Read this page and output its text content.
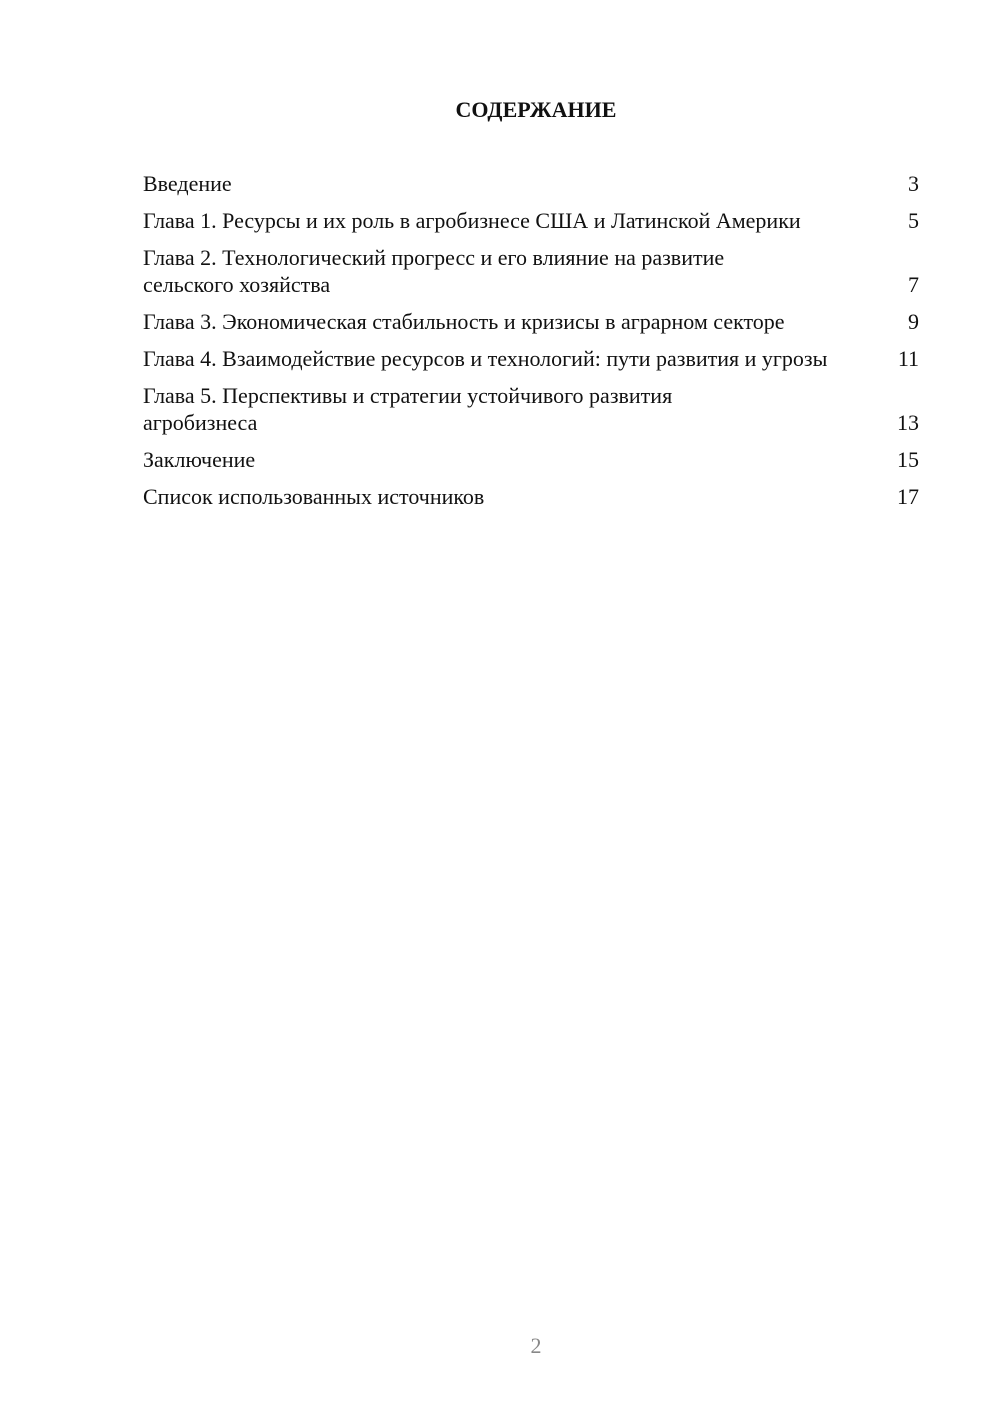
СОДЕРЖАНИЕ
Введение	3
Глава 1. Ресурсы и их роль в агробизнесе США и Латинской Америки	5
Глава 2. Технологический прогресс и его влияние на развитие сельского хозяйства	7
Глава 3. Экономическая стабильность и кризисы в аграрном секторе	9
Глава 4. Взаимодействие ресурсов и технологий: пути развития и угрозы	11
Глава 5. Перспективы и стратегии устойчивого развития агробизнеса	13
Заключение	15
Список использованных источников	17
2
